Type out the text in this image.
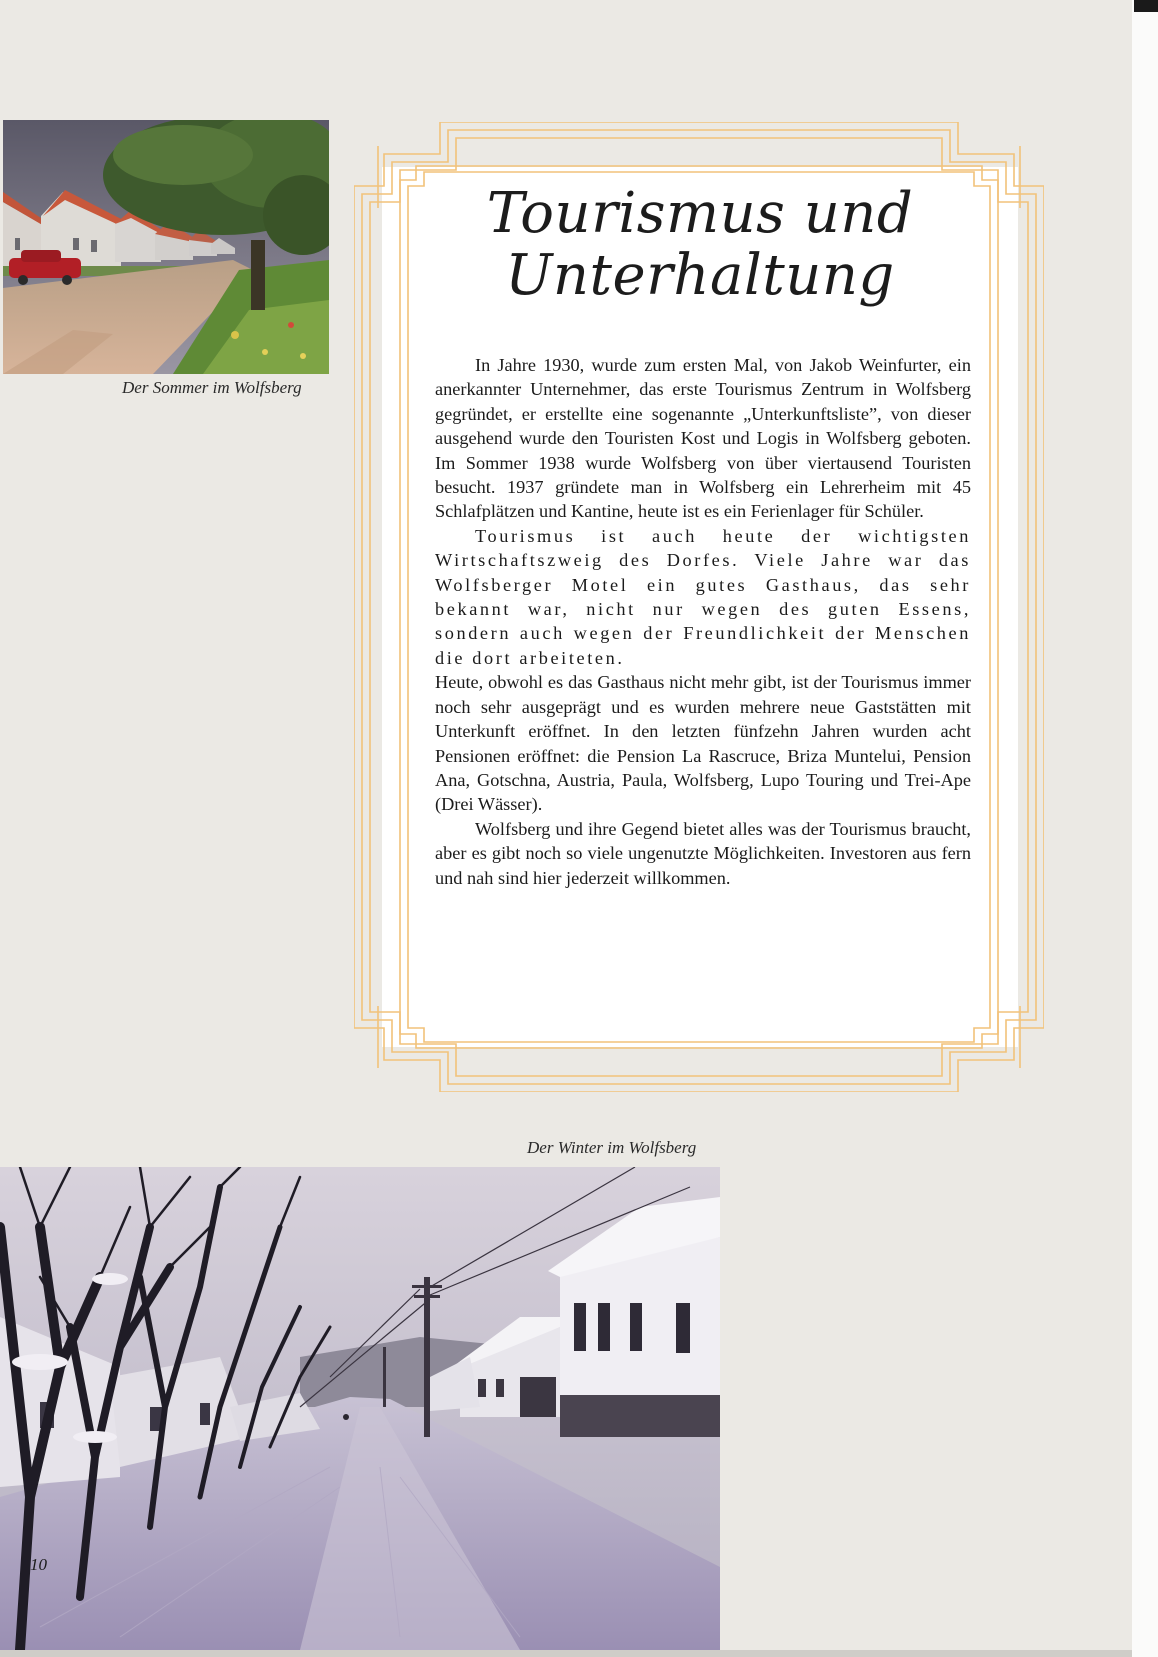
Der Sommer im Wolfsberg
Tourismus und
Unterhaltung

In Jahre 1930, wurde zum ersten Mal, von Jakob Weinfurter, ein anerkannter Unternehmer, das erste Tourismus Zentrum in Wolfsberg gegründet, er erstellte eine sogenannte „Unterkunftsliste”, von dieser ausgehend wurde den Touristen Kost und Logis in Wolfsberg geboten. Im Sommer 1938 wurde Wolfsberg von über viertausend Touristen besucht. 1937 gründete man in Wolfsberg ein Lehrerheim mit 45 Schlafplätzen und Kantine, heute ist es ein Ferienlager für Schüler.

Tourismus ist auch heute der wichtigsten Wirtschaftszweig des Dorfes. Viele Jahre war das Wolfsberger Motel ein gutes Gasthaus, das sehr bekannt war, nicht nur wegen des guten Essens, sondern auch wegen der Freundlichkeit der Menschen die dort arbeiteten.

Heute, obwohl es das Gasthaus nicht mehr gibt, ist der Tourismus immer noch sehr ausgeprägt und es wurden mehrere neue Gaststätten mit Unterkunft eröffnet. In den letzten fünfzehn Jahren wurden acht Pensionen eröffnet: die Pension La Rascruce, Briza Muntelui, Pension Ana, Gotschna, Austria, Paula, Wolfsberg, Lupo Touring und Trei-Ape (Drei Wässer).

Wolfsberg und ihre Gegend bietet alles was der Tourismus braucht, aber es gibt noch so viele ungenutzte Möglichkeiten. Investoren aus fern und nah sind hier jederzeit willkommen.

Der Winter im Wolfsberg
10
